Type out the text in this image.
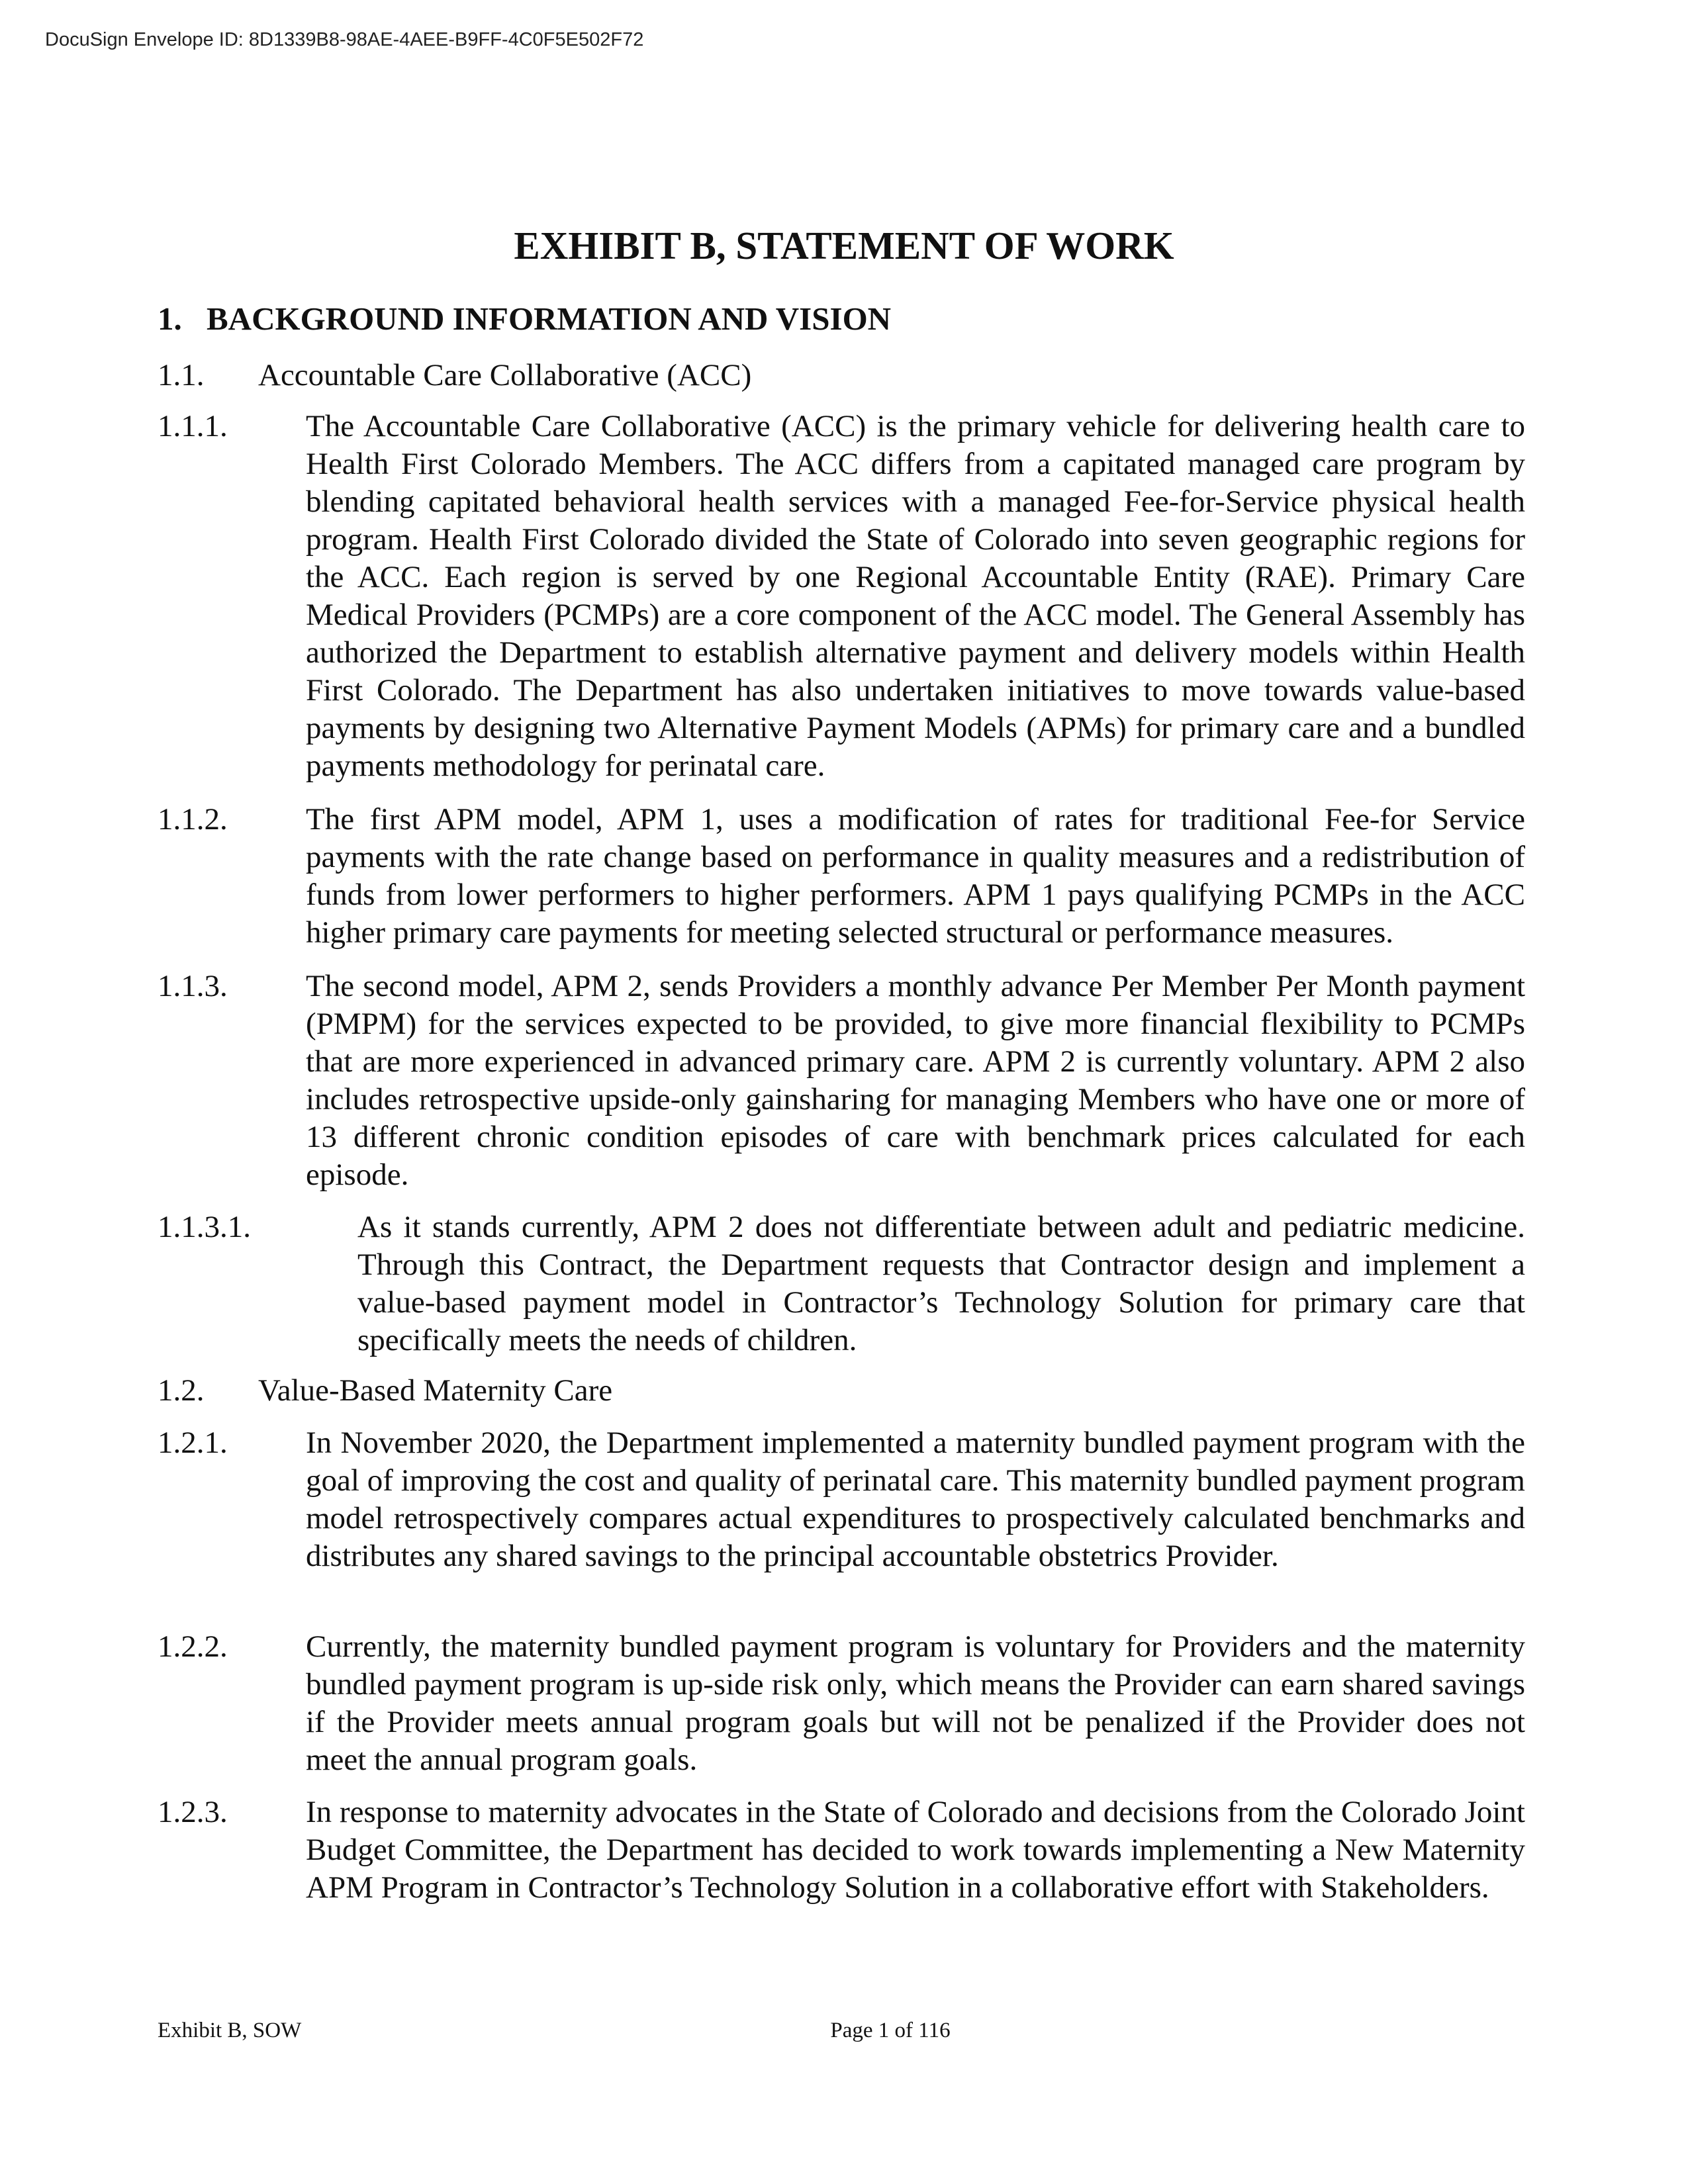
DocuSign Envelope ID: 8D1339B8-98AE-4AEE-B9FF-4C0F5E502F72
EXHIBIT B, STATEMENT OF WORK
1. BACKGROUND INFORMATION AND VISION
1.1. Accountable Care Collaborative (ACC)
1.1.1.	The Accountable Care Collaborative (ACC) is the primary vehicle for delivering health care to Health First Colorado Members. The ACC differs from a capitated managed care program by blending capitated behavioral health services with a managed Fee-for-Service physical health program. Health First Colorado divided the State of Colorado into seven geographic regions for the ACC. Each region is served by one Regional Accountable Entity (RAE). Primary Care Medical Providers (PCMPs) are a core component of the ACC model. The General Assembly has authorized the Department to establish alternative payment and delivery models within Health First Colorado. The Department has also undertaken initiatives to move towards value-based payments by designing two Alternative Payment Models (APMs) for primary care and a bundled payments methodology for perinatal care.
1.1.2.	The first APM model, APM 1, uses a modification of rates for traditional Fee-for Service payments with the rate change based on performance in quality measures and a redistribution of funds from lower performers to higher performers. APM 1 pays qualifying PCMPs in the ACC higher primary care payments for meeting selected structural or performance measures.
1.1.3.	The second model, APM 2, sends Providers a monthly advance Per Member Per Month payment (PMPM) for the services expected to be provided, to give more financial flexibility to PCMPs that are more experienced in advanced primary care. APM 2 is currently voluntary. APM 2 also includes retrospective upside-only gainsharing for managing Members who have one or more of 13 different chronic condition episodes of care with benchmark prices calculated for each episode.
1.1.3.1.	As it stands currently, APM 2 does not differentiate between adult and pediatric medicine. Through this Contract, the Department requests that Contractor design and implement a value-based payment model in Contractor’s Technology Solution for primary care that specifically meets the needs of children.
1.2. Value-Based Maternity Care
1.2.1.	In November 2020, the Department implemented a maternity bundled payment program with the goal of improving the cost and quality of perinatal care. This maternity bundled payment program model retrospectively compares actual expenditures to prospectively calculated benchmarks and distributes any shared savings to the principal accountable obstetrics Provider.
1.2.2.	Currently, the maternity bundled payment program is voluntary for Providers and the maternity bundled payment program is up-side risk only, which means the Provider can earn shared savings if the Provider meets annual program goals but will not be penalized if the Provider does not meet the annual program goals.
1.2.3.	In response to maternity advocates in the State of Colorado and decisions from the Colorado Joint Budget Committee, the Department has decided to work towards implementing a New Maternity APM Program in Contractor’s Technology Solution in a collaborative effort with Stakeholders.
Exhibit B, SOW	Page 1 of 116
